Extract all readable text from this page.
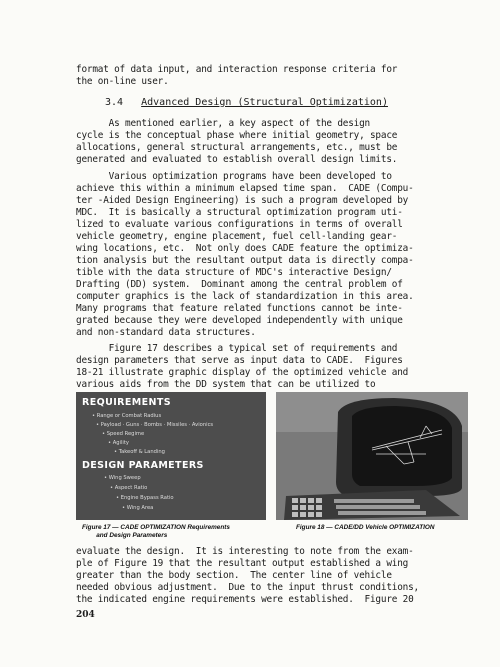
format of data input, and interaction response criteria for
the on-line user.
3.4 Advanced Design (Structural Optimization)
As mentioned earlier, a key aspect of the design
cycle is the conceptual phase where initial geometry, space
allocations, general structural arrangements, etc., must be
generated and evaluated to establish overall design limits.
Various optimization programs have been developed to
achieve this within a minimum elapsed time span.  CADE (Compu-
ter -Aided Design Engineering) is such a program developed by
MDC.  It is basically a structural optimization program uti-
lized to evaluate various configurations in terms of overall
vehicle geometry, engine placement, fuel cell-landing gear-
wing locations, etc.  Not only does CADE feature the optimiza-
tion analysis but the resultant output data is directly compa-
tible with the data structure of MDC's interactive Design/
Drafting (DD) system.  Dominant among the central problem of
computer graphics is the lack of standardization in this area.
Many programs that feature related functions cannot be inte-
grated because they were developed independently with unique
and non-standard data structures.
Figure 17 describes a typical set of requirements and
design parameters that serve as input data to CADE.  Figures
18-21 illustrate graphic display of the optimized vehicle and
various aids from the DD system that can be utilized to
REQUIREMENTS
• Range or Combat Radius
• Payload · Guns · Bombs · Missiles · Avionics
• Speed Regime
• Agility
• Takeoff & Landing
DESIGN PARAMETERS
• Wing Sweep
• Aspect Ratio
• Engine Bypass Ratio
• Wing Area
Figure 17 — CADE OPTIMIZATION Requirements
and Design Parameters
Figure 18 — CADE/DD Vehicle OPTIMIZATION
evaluate the design.  It is interesting to note from the exam-
ple of Figure 19 that the resultant output established a wing
greater than the body section.  The center line of vehicle
needed obvious adjustment.  Due to the input thrust conditions,
the indicated engine requirements were established.  Figure 20
204
